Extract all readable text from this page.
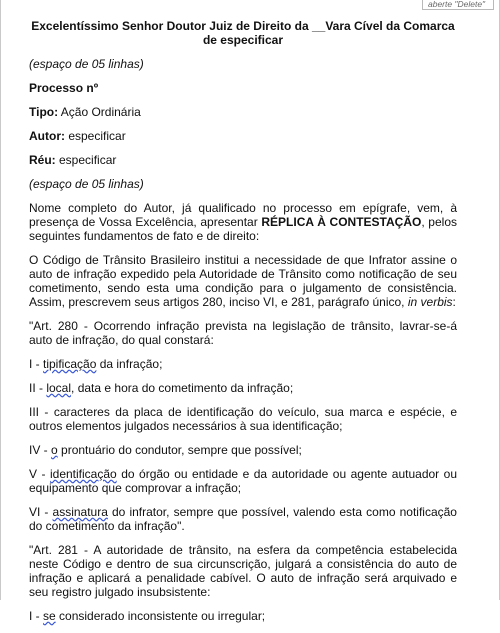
aberte "Delete"
Excelentíssimo Senhor Doutor Juiz de Direito da __Vara Cível da Comarca
de especificar

(espaço de 05 linhas)

Processo nº

Tipo: Ação Ordinária

Autor: especificar

Réu: especificar

(espaço de 05 linhas)

Nome completo do Autor, já qualificado no processo em epígrafe, vem, à presença de Vossa Excelência, apresentar RÉPLICA À CONTESTAÇÃO, pelos seguintes fundamentos de fato e de direito:

O Código de Trânsito Brasileiro institui a necessidade de que Infrator assine o auto de infração expedido pela Autoridade de Trânsito como notificação de seu cometimento, sendo esta uma condição para o julgamento de consistência. Assim, prescrevem seus artigos 280, inciso VI, e 281, parágrafo único, in verbis:

"Art. 280 - Ocorrendo infração prevista na legislação de trânsito, lavrar-se-á auto de infração, do qual constará:

I - tipificação da infração;

II - local, data e hora do cometimento da infração;

III - caracteres da placa de identificação do veículo, sua marca e espécie, e outros elementos julgados necessários à sua identificação;

IV - o prontuário do condutor, sempre que possível;

V - identificação do órgão ou entidade e da autoridade ou agente autuador ou equipamento que comprovar a infração;

VI - assinatura do infrator, sempre que possível, valendo esta como notificação do cometimento da infração".

"Art. 281 - A autoridade de trânsito, na esfera da competência estabelecida neste Código e dentro de sua circunscrição, julgará a consistência do auto de infração e aplicará a penalidade cabível. O auto de infração será arquivado e seu registro julgado insubsistente:

I - se considerado inconsistente ou irregular;
